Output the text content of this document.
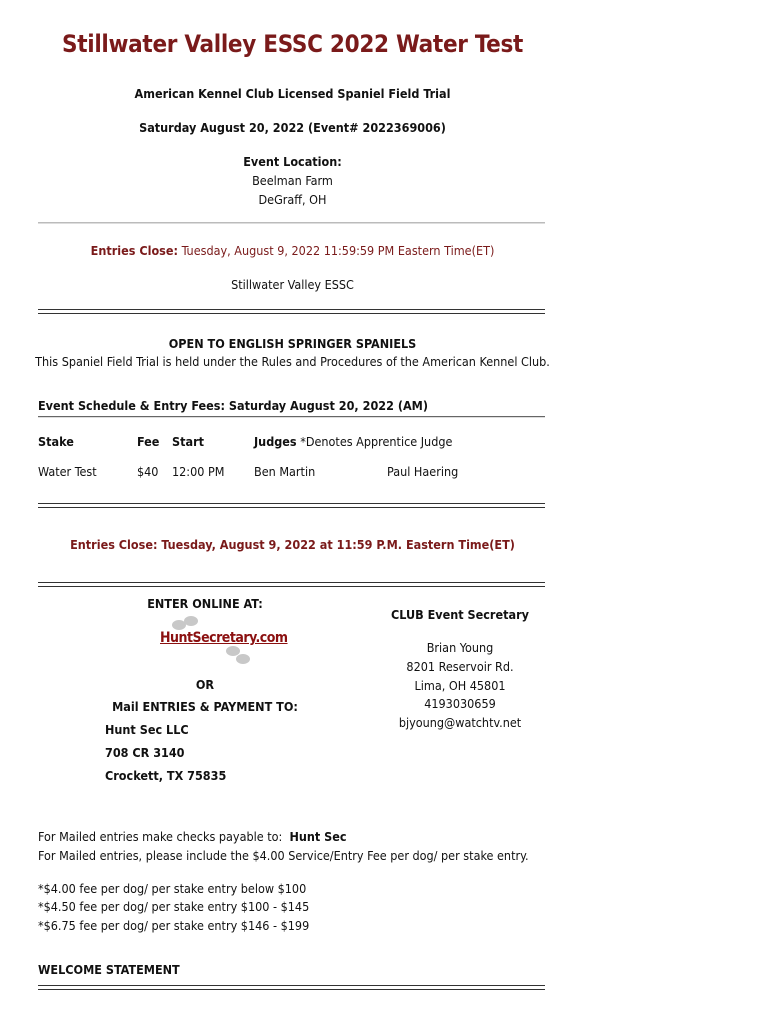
Stillwater Valley ESSC 2022 Water Test
American Kennel Club Licensed Spaniel Field Trial
Saturday August 20, 2022 (Event# 2022369006)
Event Location:
Beelman Farm
DeGraff, OH
Entries Close: Tuesday, August 9, 2022 11:59:59 PM Eastern Time(ET)
Stillwater Valley ESSC
OPEN TO ENGLISH SPRINGER SPANIELS
This Spaniel Field Trial is held under the Rules and Procedures of the American Kennel Club.
Event Schedule & Entry Fees: Saturday August 20, 2022 (AM)
Stake	Fee	Start	Judges *Denotes Apprentice Judge	
Water Test	$40	12:00 PM	Ben Martin	Paul Haering
Entries Close: Tuesday, August 9, 2022 at 11:59 P.M. Eastern Time(ET)
ENTER ONLINE AT:
HuntSecretary.com
OR
Mail ENTRIES & PAYMENT TO:
Hunt Sec LLC
708 CR 3140
Crockett, TX 75835
CLUB Event Secretary
Brian Young
8201 Reservoir Rd.
Lima, OH 45801
4193030659
bjyoung@watchtv.net
For Mailed entries make checks payable to: Hunt Sec
For Mailed entries, please include the $4.00 Service/Entry Fee per dog/ per stake entry.
*$4.00 fee per dog/ per stake entry below $100
*$4.50 fee per dog/ per stake entry $100 - $145
*$6.75 fee per dog/ per stake entry $146 - $199
WELCOME STATEMENT
